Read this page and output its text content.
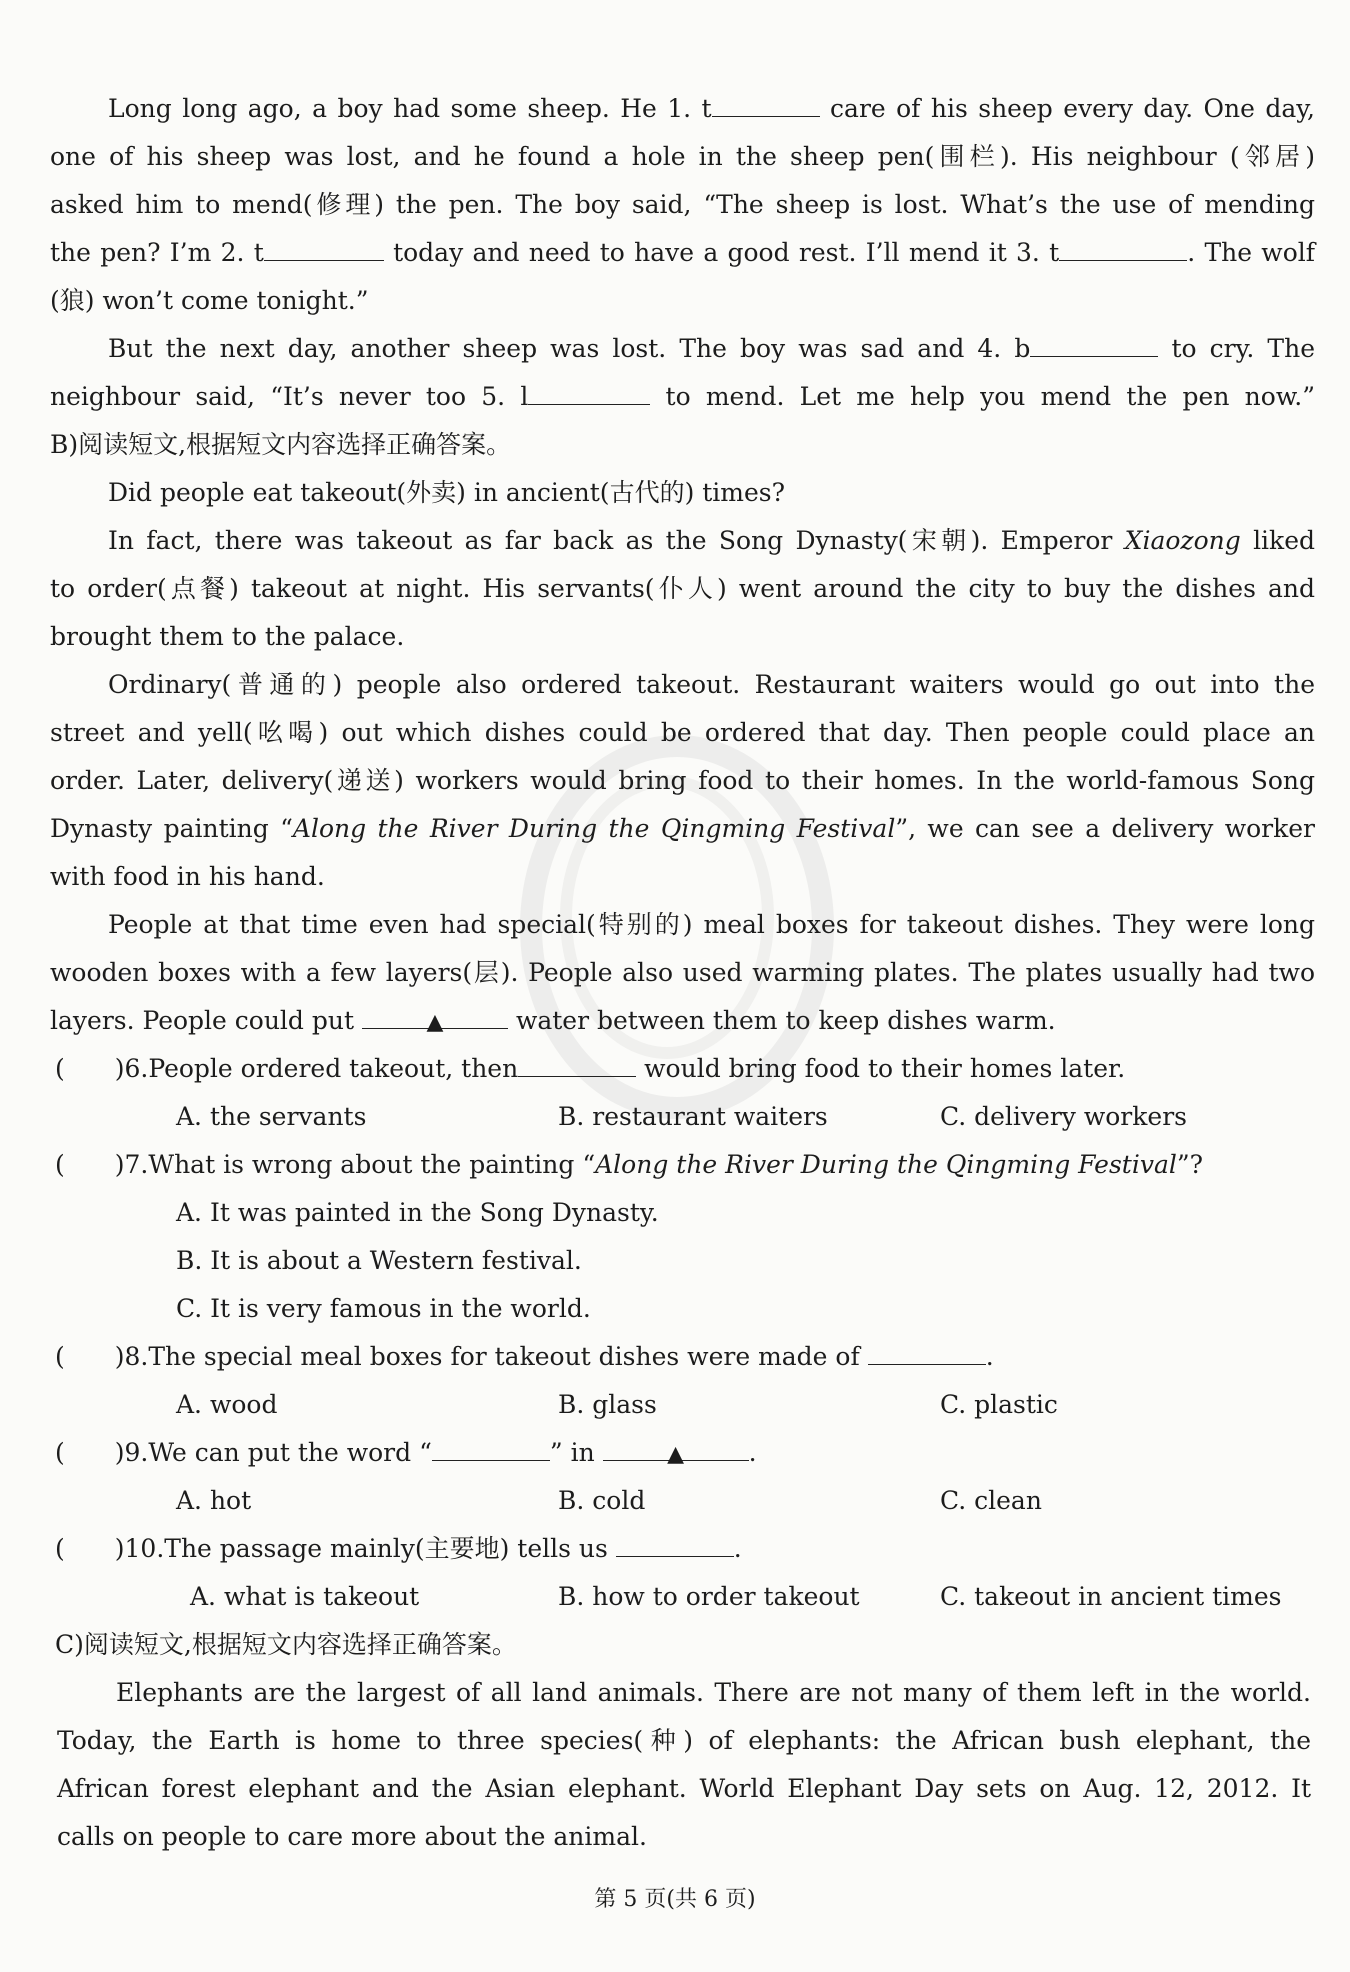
Long long ago, a boy had some sheep. He 1. t	care of his sheep every day. One day,
one of his sheep was lost, and he found a hole in the sheep pen(围栏). His neighbour (邻居)
asked him to mend(修理) the pen. The boy said, “The sheep is lost. What’s the use of mending
the pen? I’m 2. t	today and need to have a good rest. I’ll mend it 3. t	. The wolf
(狼) won’t come tonight.”
But the next day, another sheep was lost. The boy was sad and 4. b	to cry. The
neighbour said, “It’s never too 5. l	to mend. Let me help you mend the pen now.”
B)阅读短文,根据短文内容选择正确答案。
Did people eat takeout(外卖) in ancient(古代的) times?
In fact, there was takeout as far back as the Song Dynasty(宋朝). Emperor Xiaozong liked
to order(点餐) takeout at night. His servants(仆人) went around the city to buy the dishes and
brought them to the palace.
Ordinary(普通的) people also ordered takeout. Restaurant waiters would go out into the
street and yell(吆喝) out which dishes could be ordered that day. Then people could place an
order. Later, delivery(递送) workers would bring food to their homes. In the world-famous Song
Dynasty painting “Along the River During the Qingming Festival”, we can see a delivery worker
with food in his hand.
People at that time even had special(特别的) meal boxes for takeout dishes. They were long
wooden boxes with a few layers(层). People also used warming plates. The plates usually had two
layers. People could put	▲	water between them to keep dishes warm.
(　　)6.People ordered takeout, then	would bring food to their homes later.
A. the servants	B. restaurant waiters	C. delivery workers
(　　)7.What is wrong about the painting “Along the River During the Qingming Festival”?
A. It was painted in the Song Dynasty.
B. It is about a Western festival.
C. It is very famous in the world.
(　　)8.The special meal boxes for takeout dishes were made of	.
A. wood	B. glass	C. plastic
(　　)9.We can put the word “	” in	▲	.
A. hot	B. cold	C. clean
(　　)10.The passage mainly(主要地) tells us	.
A. what is takeout	B. how to order takeout	C. takeout in ancient times
C)阅读短文,根据短文内容选择正确答案。
Elephants are the largest of all land animals. There are not many of them left in the world.
Today, the Earth is home to three species(种) of elephants: the African bush elephant, the
African forest elephant and the Asian elephant. World Elephant Day sets on Aug. 12, 2012. It
calls on people to care more about the animal.
第 5 页(共 6 页)
